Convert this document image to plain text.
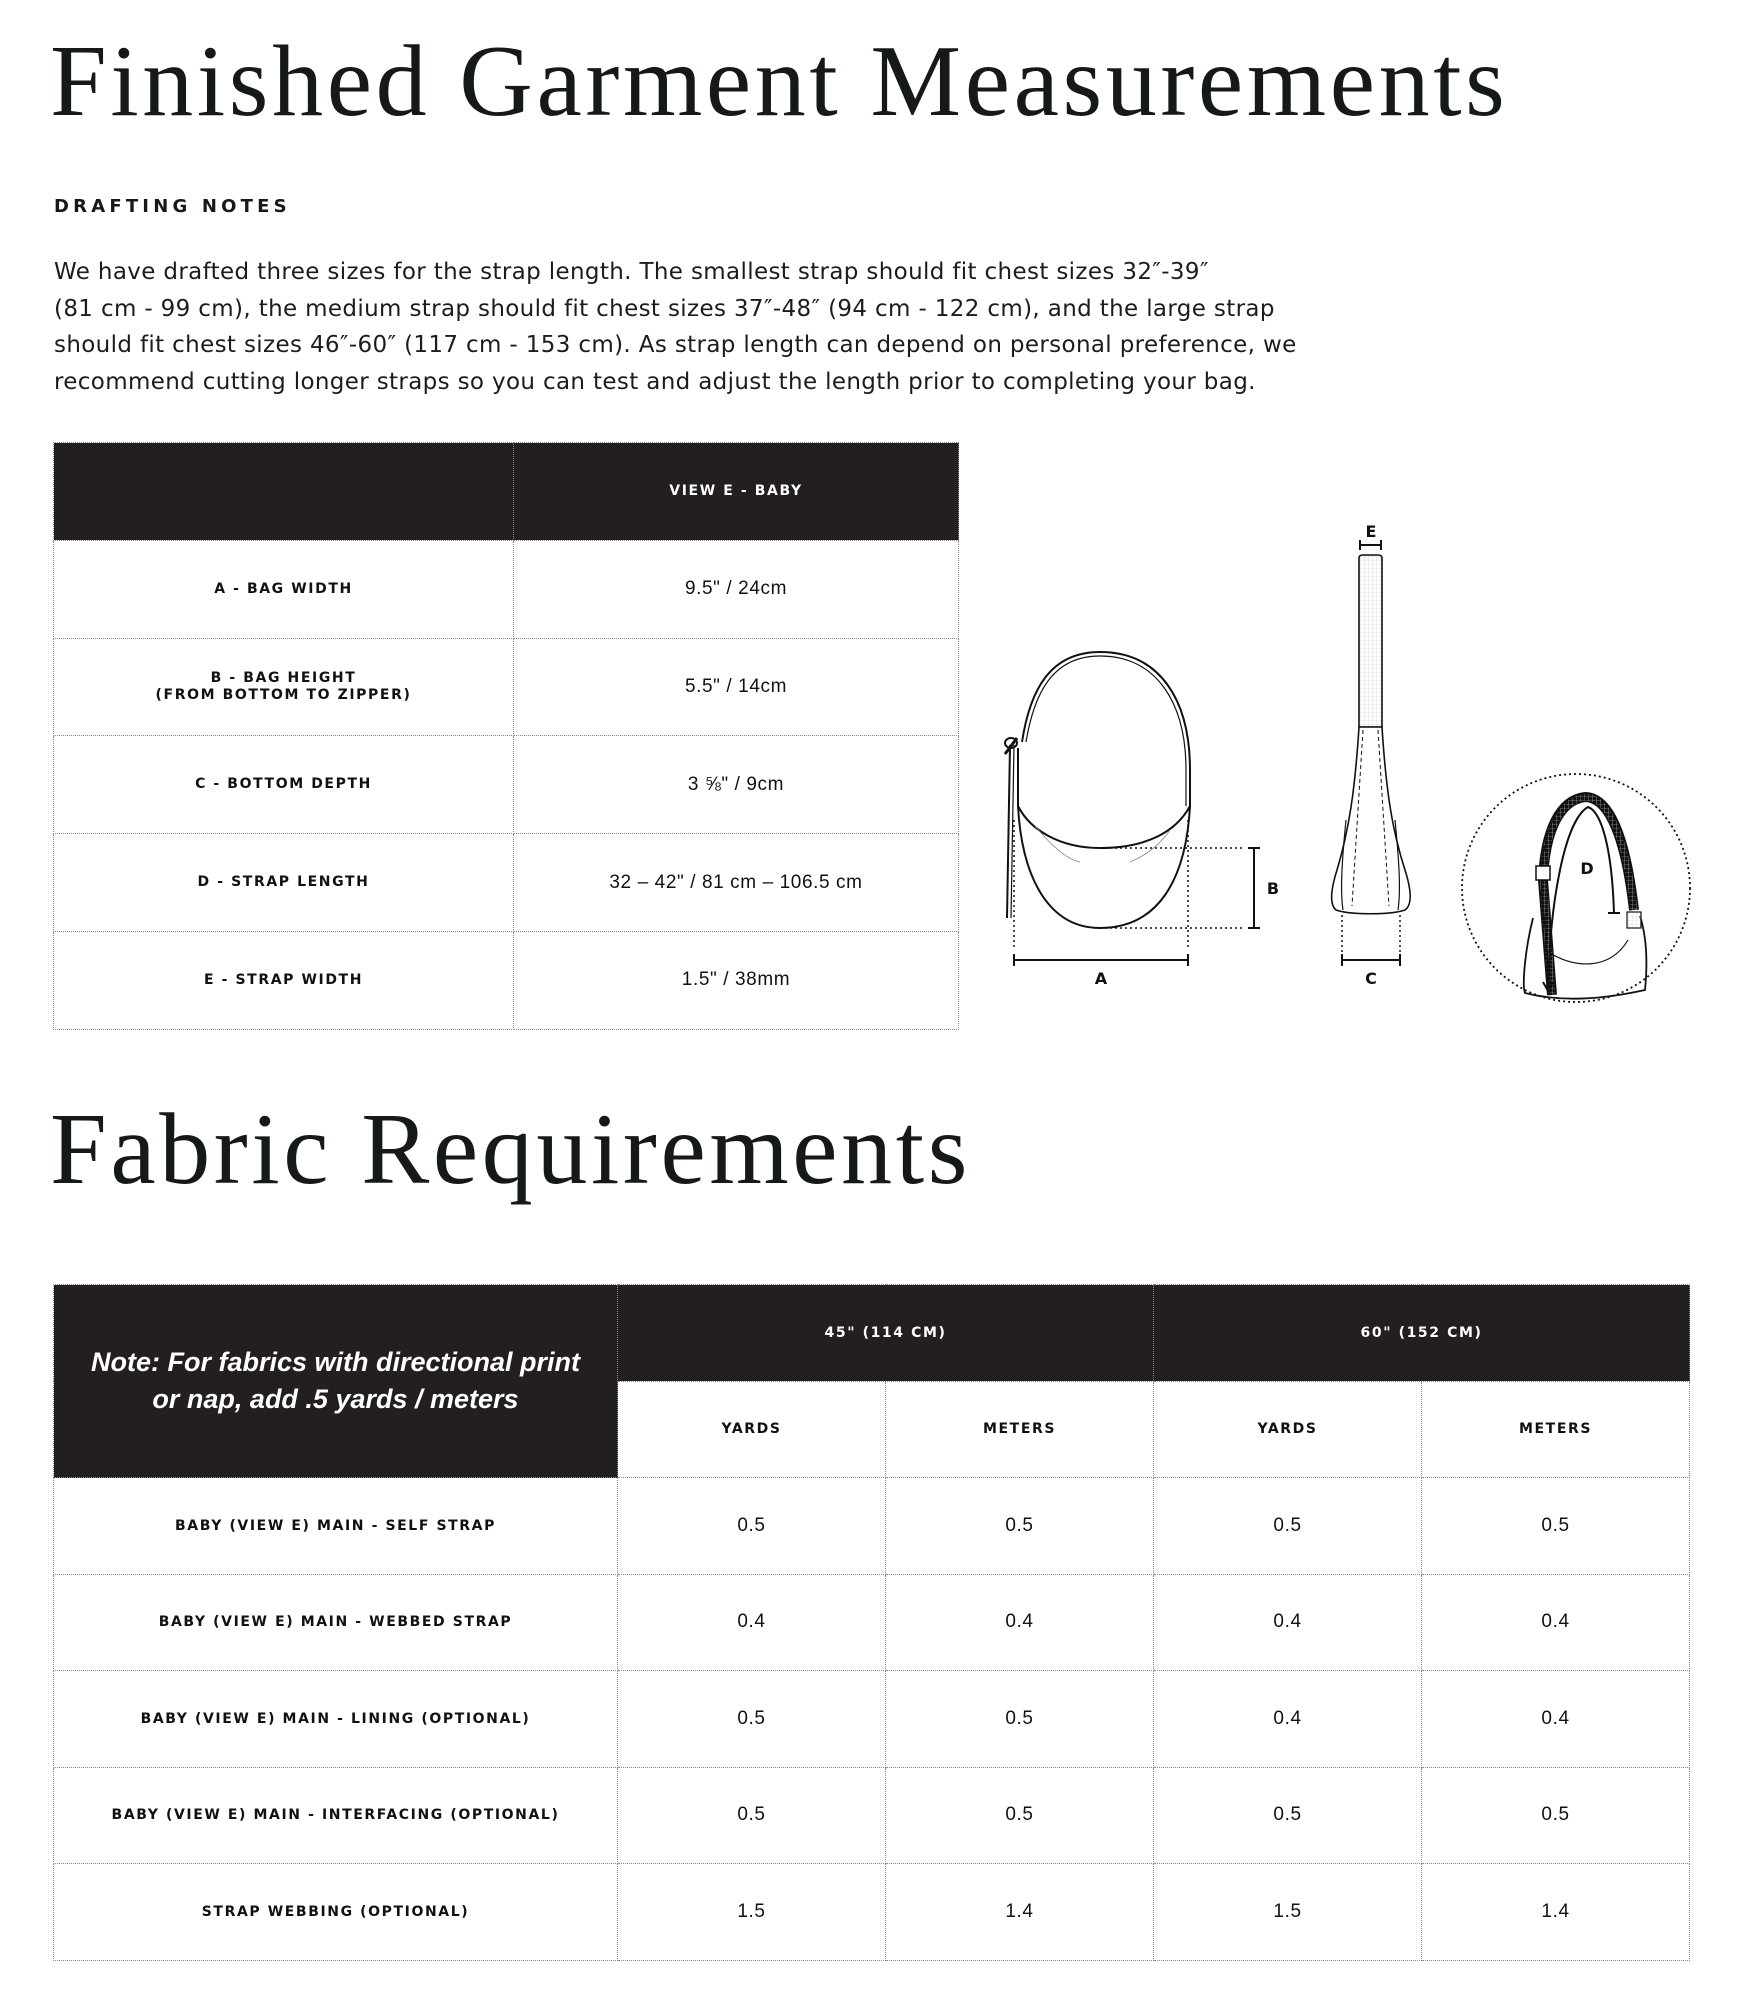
Finished Garment Measurements
DRAFTING NOTES
We have drafted three sizes for the strap length. The smallest strap should fit chest sizes 32″-39″
(81 cm - 99 cm), the medium strap should fit chest sizes 37″-48″ (94 cm - 122 cm), and the large strap
should fit chest sizes 46″-60″ (117 cm - 153 cm). As strap length can depend on personal preference, we
recommend cutting longer straps so you can test and adjust the length prior to completing your bag.
	VIEW E - BABY

A - BAG WIDTH	9.5" / 24cm

B - BAG HEIGHT
(FROM BOTTOM TO ZIPPER)	5.5" / 14cm

C - BOTTOM DEPTH	3 ⅝" / 9cm

D - STRAP LENGTH	32 – 42" / 81 cm – 106.5 cm

E - STRAP WIDTH	1.5" / 38mm	A
B
C
E
D
Fabric Requirements
Note: For fabrics with directional print or nap, add .5 yards / meters	45" (114 CM)		60" (152 CM)	
	YARDS	METERS	YARDS	METERS
BABY (VIEW E) MAIN - SELF STRAP	0.5	0.5	0.5	0.5
BABY (VIEW E) MAIN - WEBBED STRAP	0.4	0.4	0.4	0.4
BABY (VIEW E) MAIN - LINING (OPTIONAL)	0.5	0.5	0.4	0.4
BABY (VIEW E) MAIN - INTERFACING (OPTIONAL)	0.5	0.5	0.5	0.5
STRAP WEBBING (OPTIONAL)	1.5	1.4	1.5	1.4
